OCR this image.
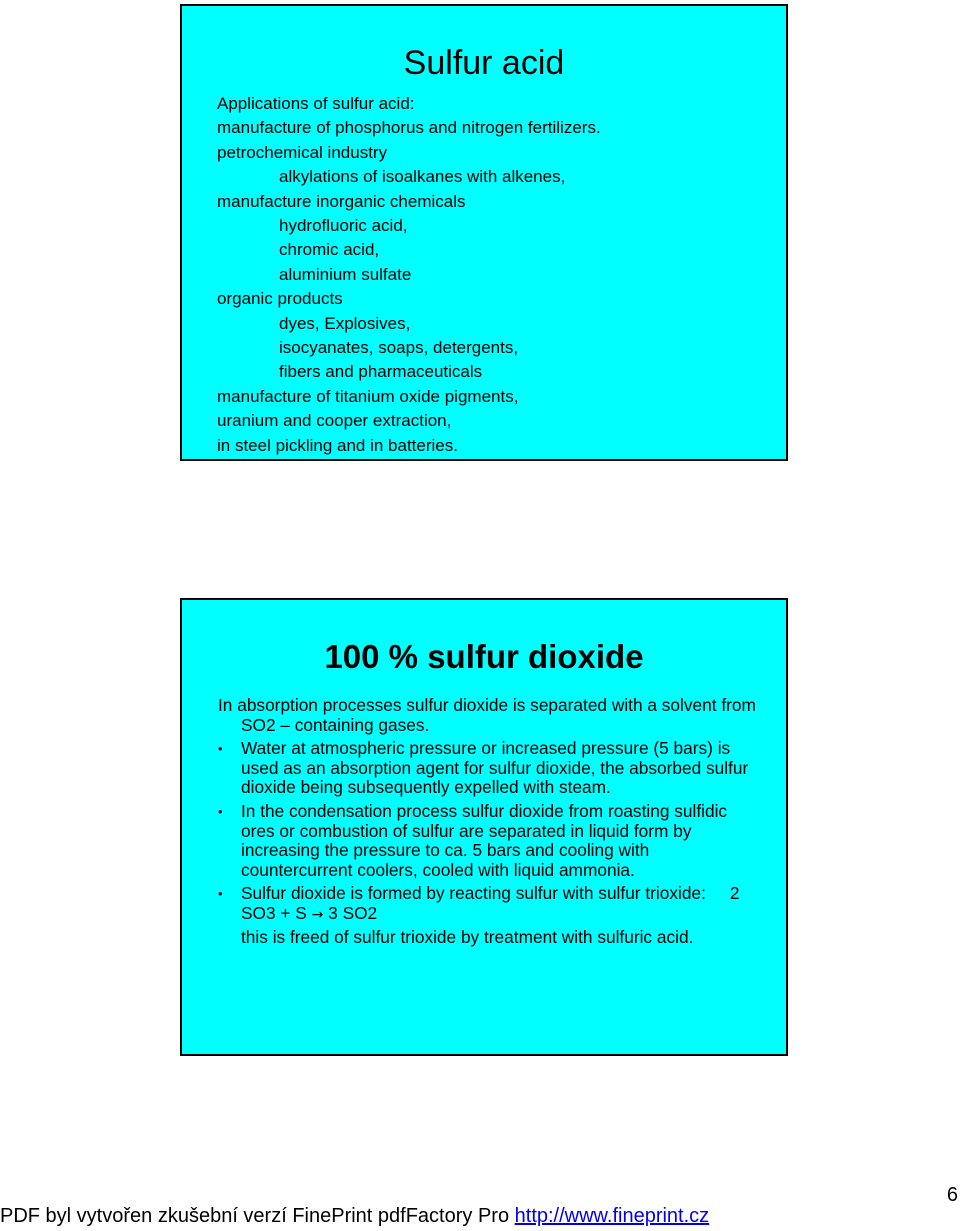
Sulfur acid
Applications of sulfur acid:
manufacture of phosphorus and nitrogen fertilizers.
petrochemical industry
alkylations of isoalkanes with alkenes,
manufacture inorganic chemicals
hydrofluoric acid,
chromic acid,
aluminium sulfate
organic products
dyes, Explosives,
isocyanates, soaps, detergents,
fibers and pharmaceuticals
manufacture of titanium oxide pigments,
uranium and cooper extraction,
in steel pickling and in batteries.
100 % sulfur dioxide
In absorption processes sulfur dioxide is separated with a solvent from SO2 – containing gases.
•	Water at atmospheric pressure or increased pressure (5 bars) is used as an absorption agent for sulfur dioxide, the absorbed sulfur dioxide being subsequently expelled with steam.
•	In the condensation process sulfur dioxide from roasting sulfidic ores or combustion of sulfur are separated in liquid form by increasing the pressure to ca. 5 bars and cooling with countercurrent coolers, cooled with liquid ammonia.
•	Sulfur dioxide is formed by reacting sulfur with sulfur trioxide: 2 SO3 + S → 3 SO2
this is freed of sulfur trioxide by treatment with sulfuric acid.
PDF byl vytvořen zkušební verzí FinePrint pdfFactory Pro http://www.fineprint.cz
6
